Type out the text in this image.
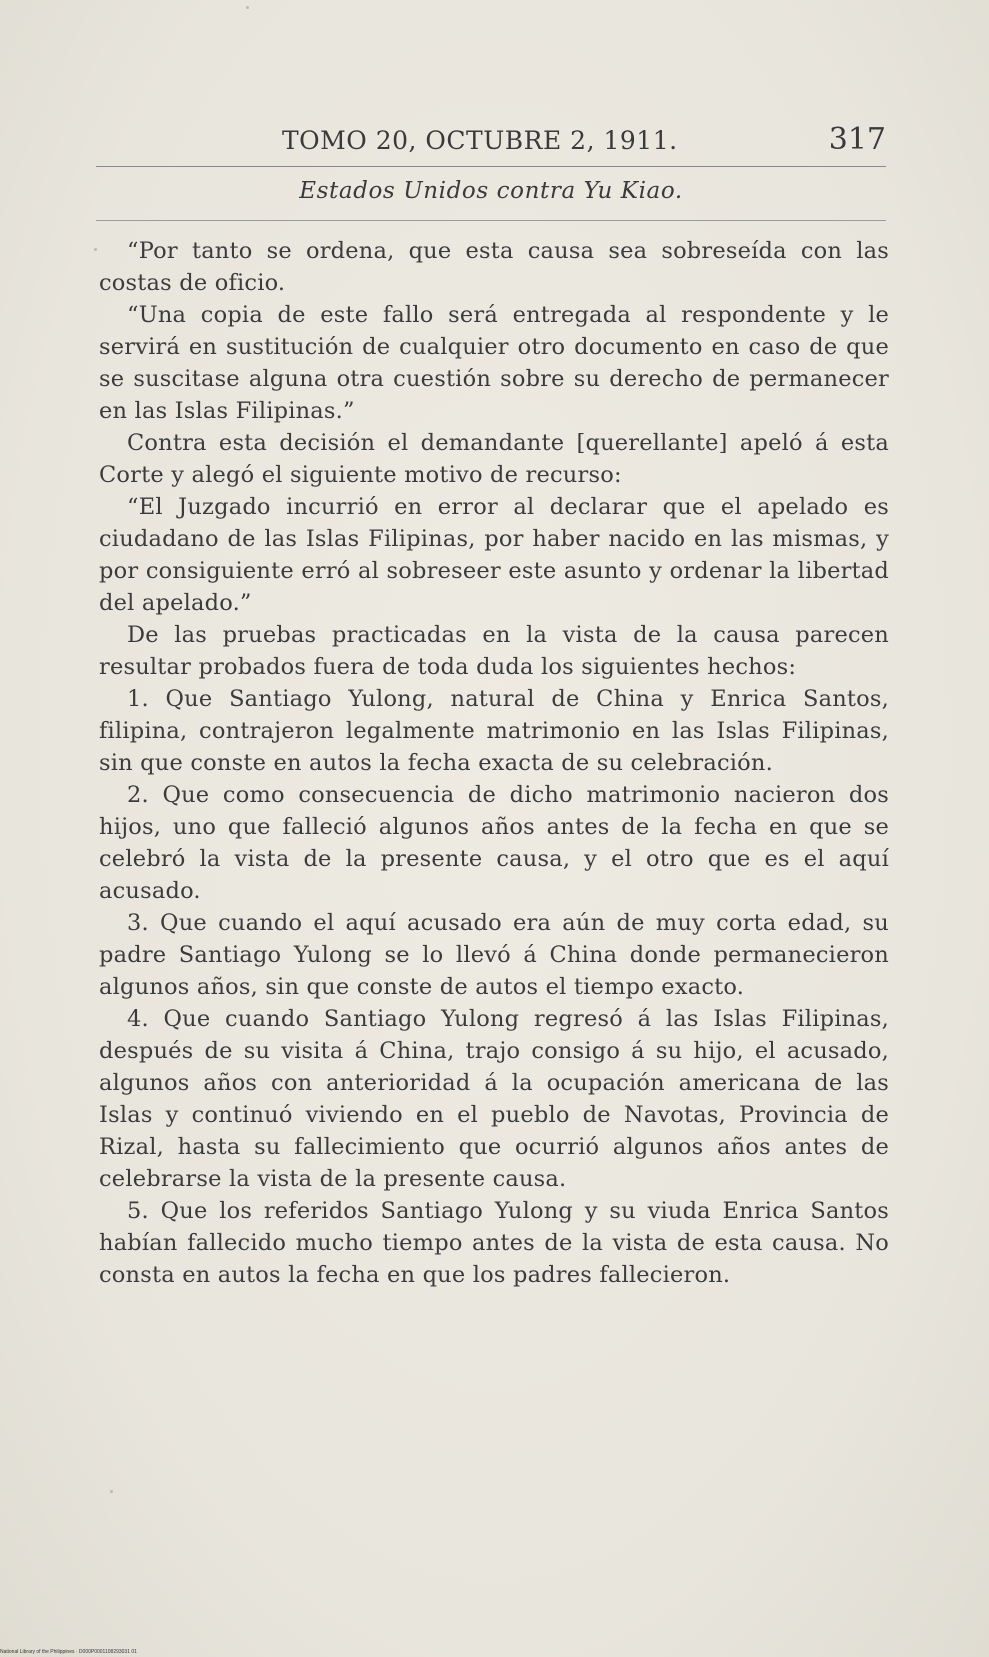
TOMO 20, OCTUBRE 2, 1911.	317
Estados Unidos contra Yu Kiao.

“Por tanto se ordena, que esta causa sea sobreseída con las costas de oficio.

“Una copia de este fallo será entregada al respondente y le servirá en sustitución de cualquier otro documento en caso de que se suscitase alguna otra cuestión sobre su derecho de permanecer en las Islas Filipinas.”

Contra esta decisión el demandante [querellante] apeló á esta Corte y alegó el siguiente motivo de recurso:

“El Juzgado incurrió en error al declarar que el apelado es ciudadano de las Islas Filipinas, por haber nacido en las mismas, y por consiguiente erró al sobreseer este asunto y ordenar la libertad del apelado.”

De las pruebas practicadas en la vista de la causa parecen resultar probados fuera de toda duda los siguientes hechos:

1. Que Santiago Yulong, natural de China y Enrica Santos, filipina, contrajeron legalmente matrimonio en las Islas Filipinas, sin que conste en autos la fecha exacta de su celebración.

2. Que como consecuencia de dicho matrimonio nacieron dos hijos, uno que falleció algunos años antes de la fecha en que se celebró la vista de la presente causa, y el otro que es el aquí acusado.

3. Que cuando el aquí acusado era aún de muy corta edad, su padre Santiago Yulong se lo llevó á China donde permanecieron algunos años, sin que conste de autos el tiempo exacto.

4. Que cuando Santiago Yulong regresó á las Islas Filipinas, después de su visita á China, trajo consigo á su hijo, el acusado, algunos años con anterioridad á la ocupación americana de las Islas y continuó viviendo en el pueblo de Navotas, Provincia de Rizal, hasta su fallecimiento que ocurrió algunos años antes de celebrarse la vista de la presente causa.

5. Que los referidos Santiago Yulong y su viuda Enrica Santos habían fallecido mucho tiempo antes de la vista de esta causa. No consta en autos la fecha en que los padres fallecieron.

National Library of the Philippines · D000P0001108293031 01
